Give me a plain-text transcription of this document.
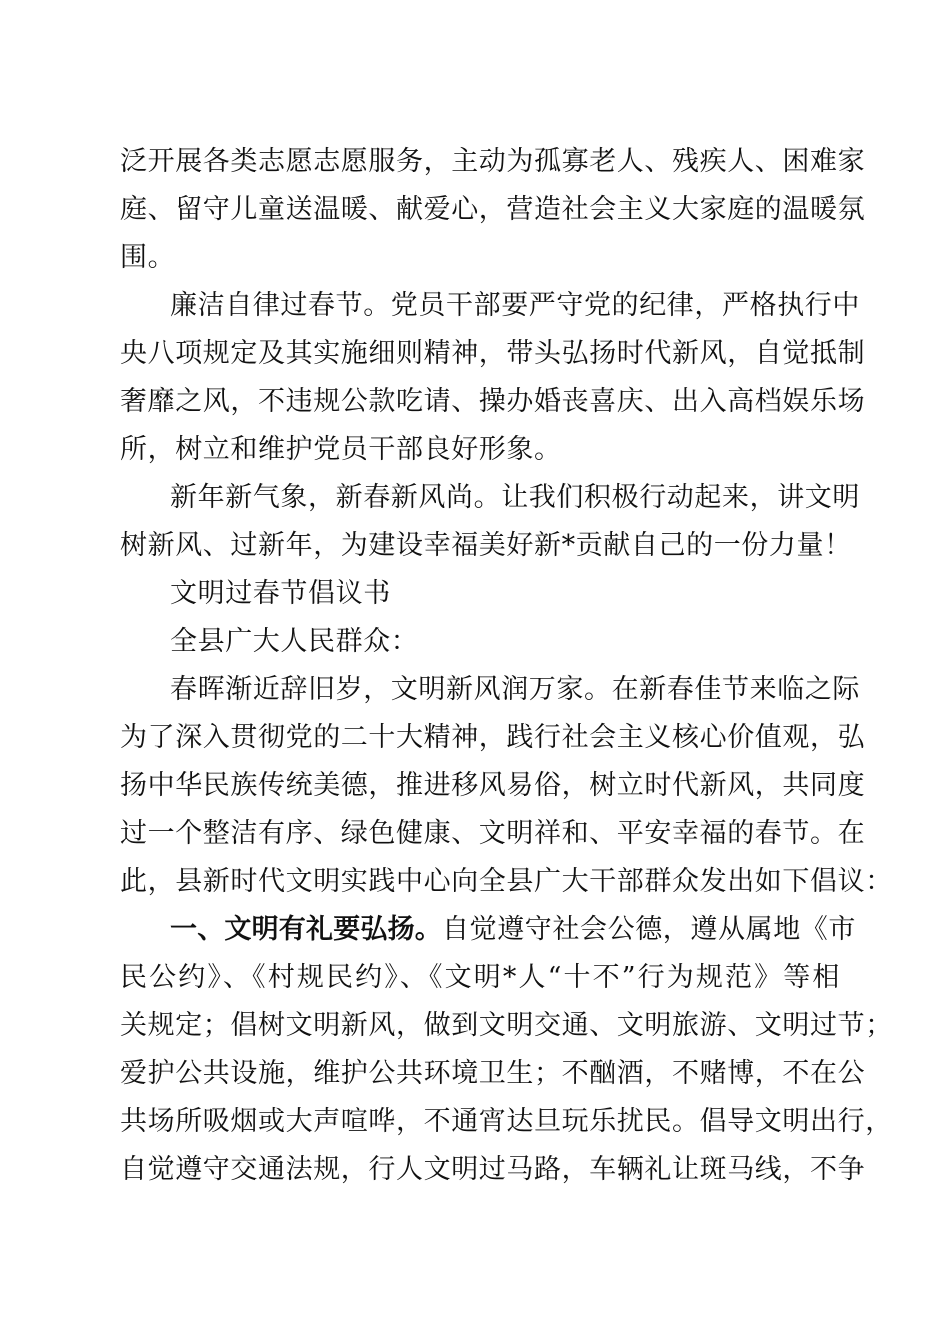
泛开展各类志愿志愿服务，主动为孤寡老人、残疾人、困难家
庭、留守儿童送温暖、献爱心，营造社会主义大家庭的温暖氛
围。
廉洁自律过春节。党员干部要严守党的纪律，严格执行中
央八项规定及其实施细则精神，带头弘扬时代新风，自觉抵制
奢靡之风，不违规公款吃请、操办婚丧喜庆、出入高档娱乐场
所，树立和维护党员干部良好形象。
新年新气象，新春新风尚。让我们积极行动起来，讲文明
树新风、过新年，为建设幸福美好新*贡献自己的一份力量！
文明过春节倡议书
全县广大人民群众：
春晖渐近辞旧岁，文明新风润万家。在新春佳节来临之际
为了深入贯彻党的二十大精神，践行社会主义核心价值观，弘
扬中华民族传统美德，推进移风易俗，树立时代新风，共同度
过一个整洁有序、绿色健康、文明祥和、平安幸福的春节。在
此，县新时代文明实践中心向全县广大干部群众发出如下倡议：
一、文明有礼要弘扬。自觉遵守社会公德，遵从属地《市
民公约》、《村规民约》、《文明*人“十不”行为规范》等相
关规定；倡树文明新风，做到文明交通、文明旅游、文明过节；
爱护公共设施，维护公共环境卫生；不酗酒，不赌博，不在公
共场所吸烟或大声喧哗，不通宵达旦玩乐扰民。倡导文明出行，
自觉遵守交通法规，行人文明过马路，车辆礼让斑马线，不争
